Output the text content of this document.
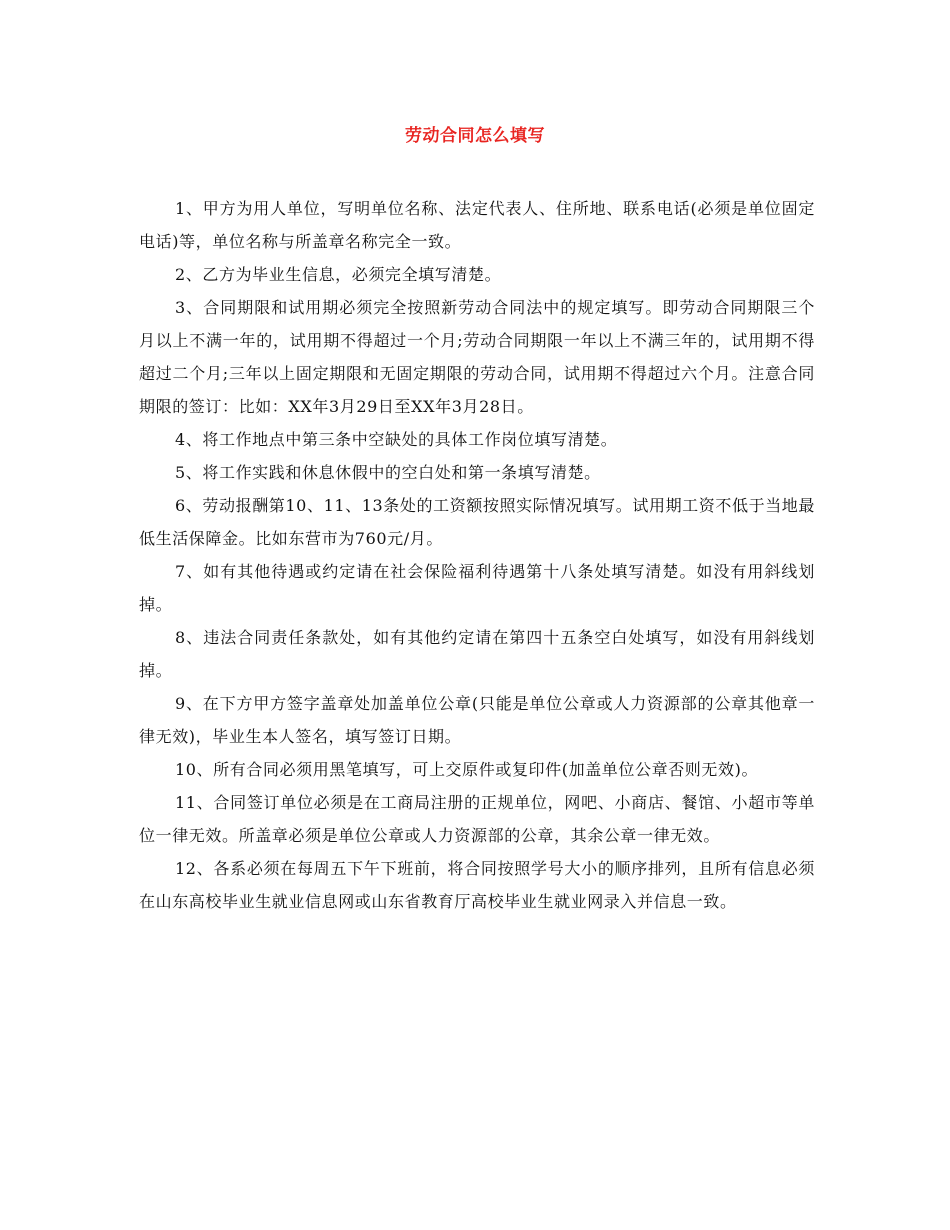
劳动合同怎么填写

1、甲方为用人单位，写明单位名称、法定代表人、住所地、联系电话(必须是单位固定电话)等，单位名称与所盖章名称完全一致。

2、乙方为毕业生信息，必须完全填写清楚。

3、合同期限和试用期必须完全按照新劳动合同法中的规定填写。即劳动合同期限三个月以上不满一年的，试用期不得超过一个月;劳动合同期限一年以上不满三年的，试用期不得超过二个月;三年以上固定期限和无固定期限的劳动合同，试用期不得超过六个月。注意合同期限的签订：比如：XX年3月29日至XX年3月28日。

4、将工作地点中第三条中空缺处的具体工作岗位填写清楚。

5、将工作实践和休息休假中的空白处和第一条填写清楚。

6、劳动报酬第10、11、13条处的工资额按照实际情况填写。试用期工资不低于当地最低生活保障金。比如东营市为760元/月。

7、如有其他待遇或约定请在社会保险福利待遇第十八条处填写清楚。如没有用斜线划掉。

8、违法合同责任条款处，如有其他约定请在第四十五条空白处填写，如没有用斜线划掉。

9、在下方甲方签字盖章处加盖单位公章(只能是单位公章或人力资源部的公章其他章一律无效)，毕业生本人签名，填写签订日期。

10、所有合同必须用黑笔填写，可上交原件或复印件(加盖单位公章否则无效)。

11、合同签订单位必须是在工商局注册的正规单位，网吧、小商店、餐馆、小超市等单位一律无效。所盖章必须是单位公章或人力资源部的公章，其余公章一律无效。

12、各系必须在每周五下午下班前，将合同按照学号大小的顺序排列，且所有信息必须在山东高校毕业生就业信息网或山东省教育厅高校毕业生就业网录入并信息一致。
